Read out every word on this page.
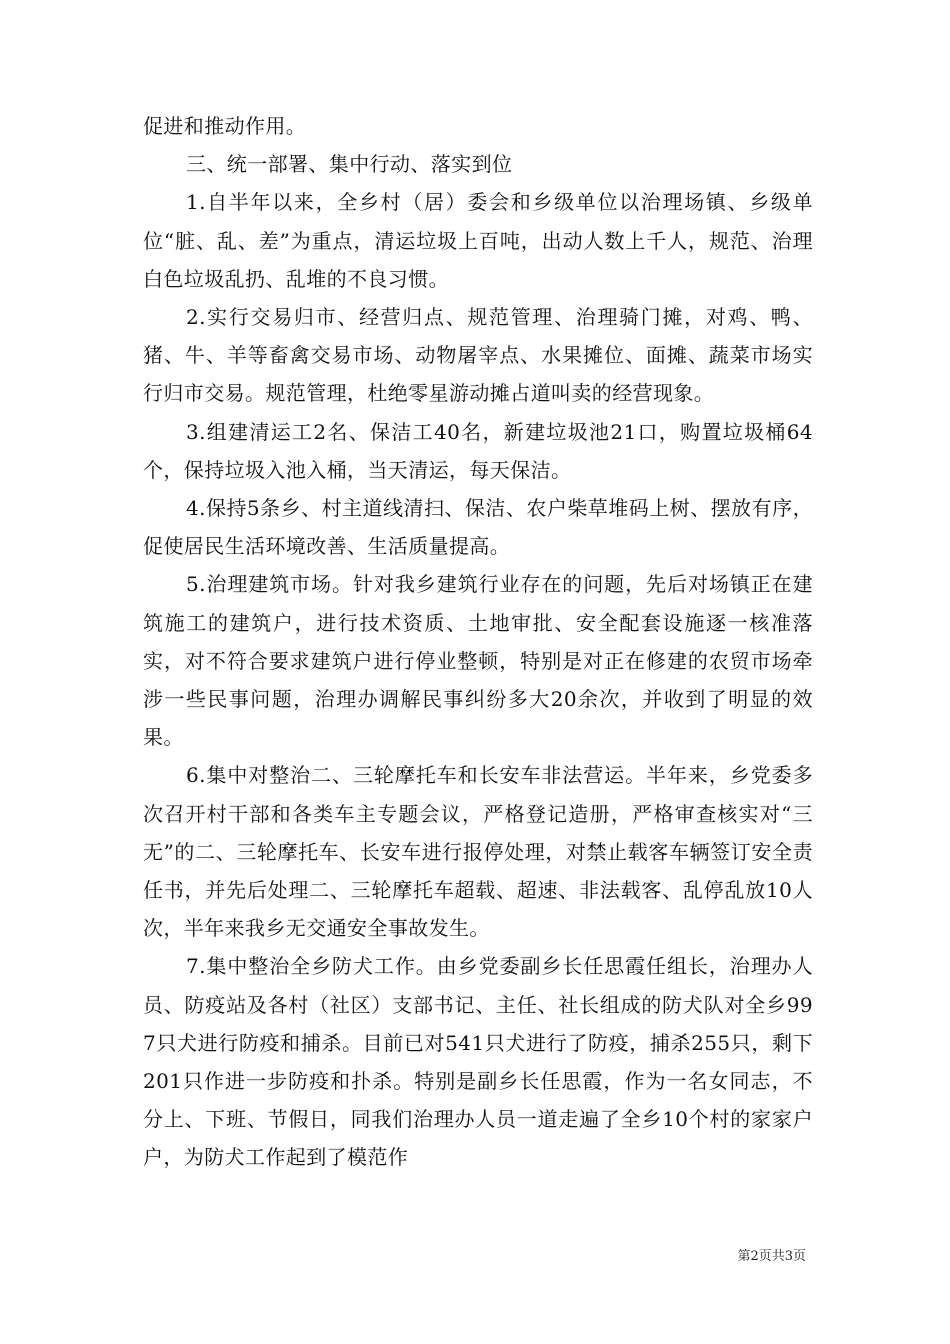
促进和推动作用。

三、统一部署、集中行动、落实到位

1.自半年以来，全乡村（居）委会和乡级单位以治理场镇、乡级单位“脏、乱、差”为重点，清运垃圾上百吨，出动人数上千人，规范、治理白色垃圾乱扔、乱堆的不良习惯。

2.实行交易归市、经营归点、规范管理、治理骑门摊，对鸡、鸭、猪、牛、羊等畜禽交易市场、动物屠宰点、水果摊位、面摊、蔬菜市场实行归市交易。规范管理，杜绝零星游动摊占道叫卖的经营现象。

3.组建清运工2名、保洁工40名，新建垃圾池21口，购置垃圾桶64个，保持垃圾入池入桶，当天清运，每天保洁。

4.保持5条乡、村主道线清扫、保洁、农户柴草堆码上树、摆放有序，促使居民生活环境改善、生活质量提高。

5.治理建筑市场。针对我乡建筑行业存在的问题，先后对场镇正在建筑施工的建筑户，进行技术资质、土地审批、安全配套设施逐一核准落实，对不符合要求建筑户进行停业整顿，特别是对正在修建的农贸市场牵涉一些民事问题，治理办调解民事纠纷多大20余次，并收到了明显的效果。

6.集中对整治二、三轮摩托车和长安车非法营运。半年来，乡党委多次召开村干部和各类车主专题会议，严格登记造册，严格审查核实对“三无”的二、三轮摩托车、长安车进行报停处理，对禁止载客车辆签订安全责任书，并先后处理二、三轮摩托车超载、超速、非法载客、乱停乱放10人次，半年来我乡无交通安全事故发生。

7.集中整治全乡防犬工作。由乡党委副乡长任思霞任组长，治理办人员、防疫站及各村（社区）支部书记、主任、社长组成的防犬队对全乡997只犬进行防疫和捕杀。目前已对541只犬进行了防疫，捕杀255只，剩下201只作进一步防疫和扑杀。特别是副乡长任思霞，作为一名女同志，不分上、下班、节假日，同我们治理办人员一道走遍了全乡10个村的家家户户，为防犬工作起到了模范作

第2页共3页
